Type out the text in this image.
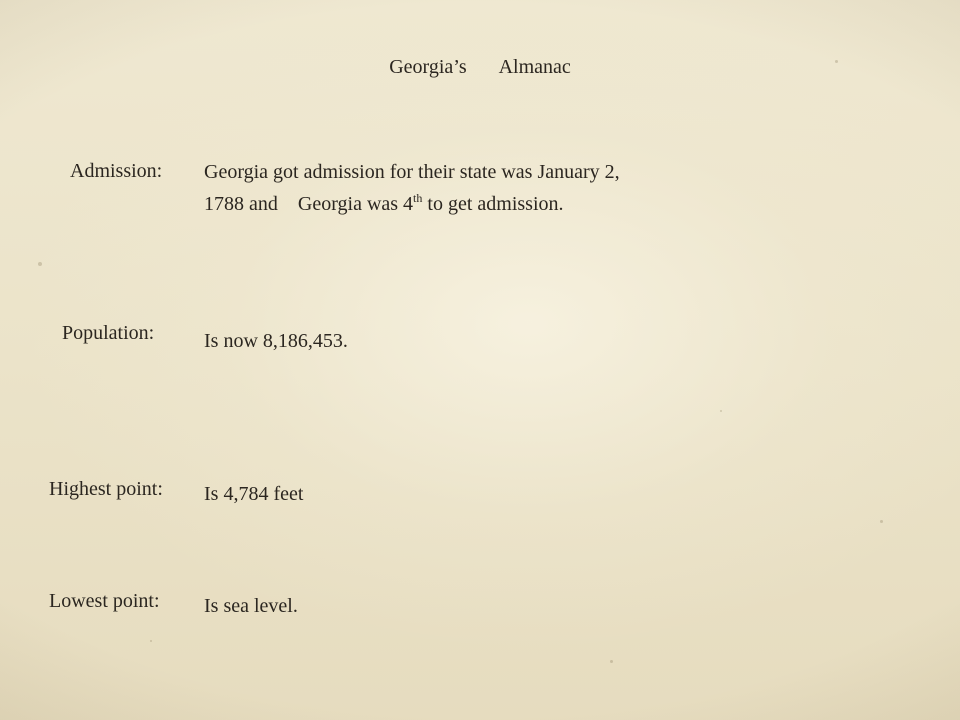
Georgia’s Almanac
Admission: Georgia got admission for their state was January 2, 1788 and Georgia was 4th to get admission.
Population: Is now 8,186,453.
Highest point: Is 4,784 feet
Lowest point: Is sea level.
